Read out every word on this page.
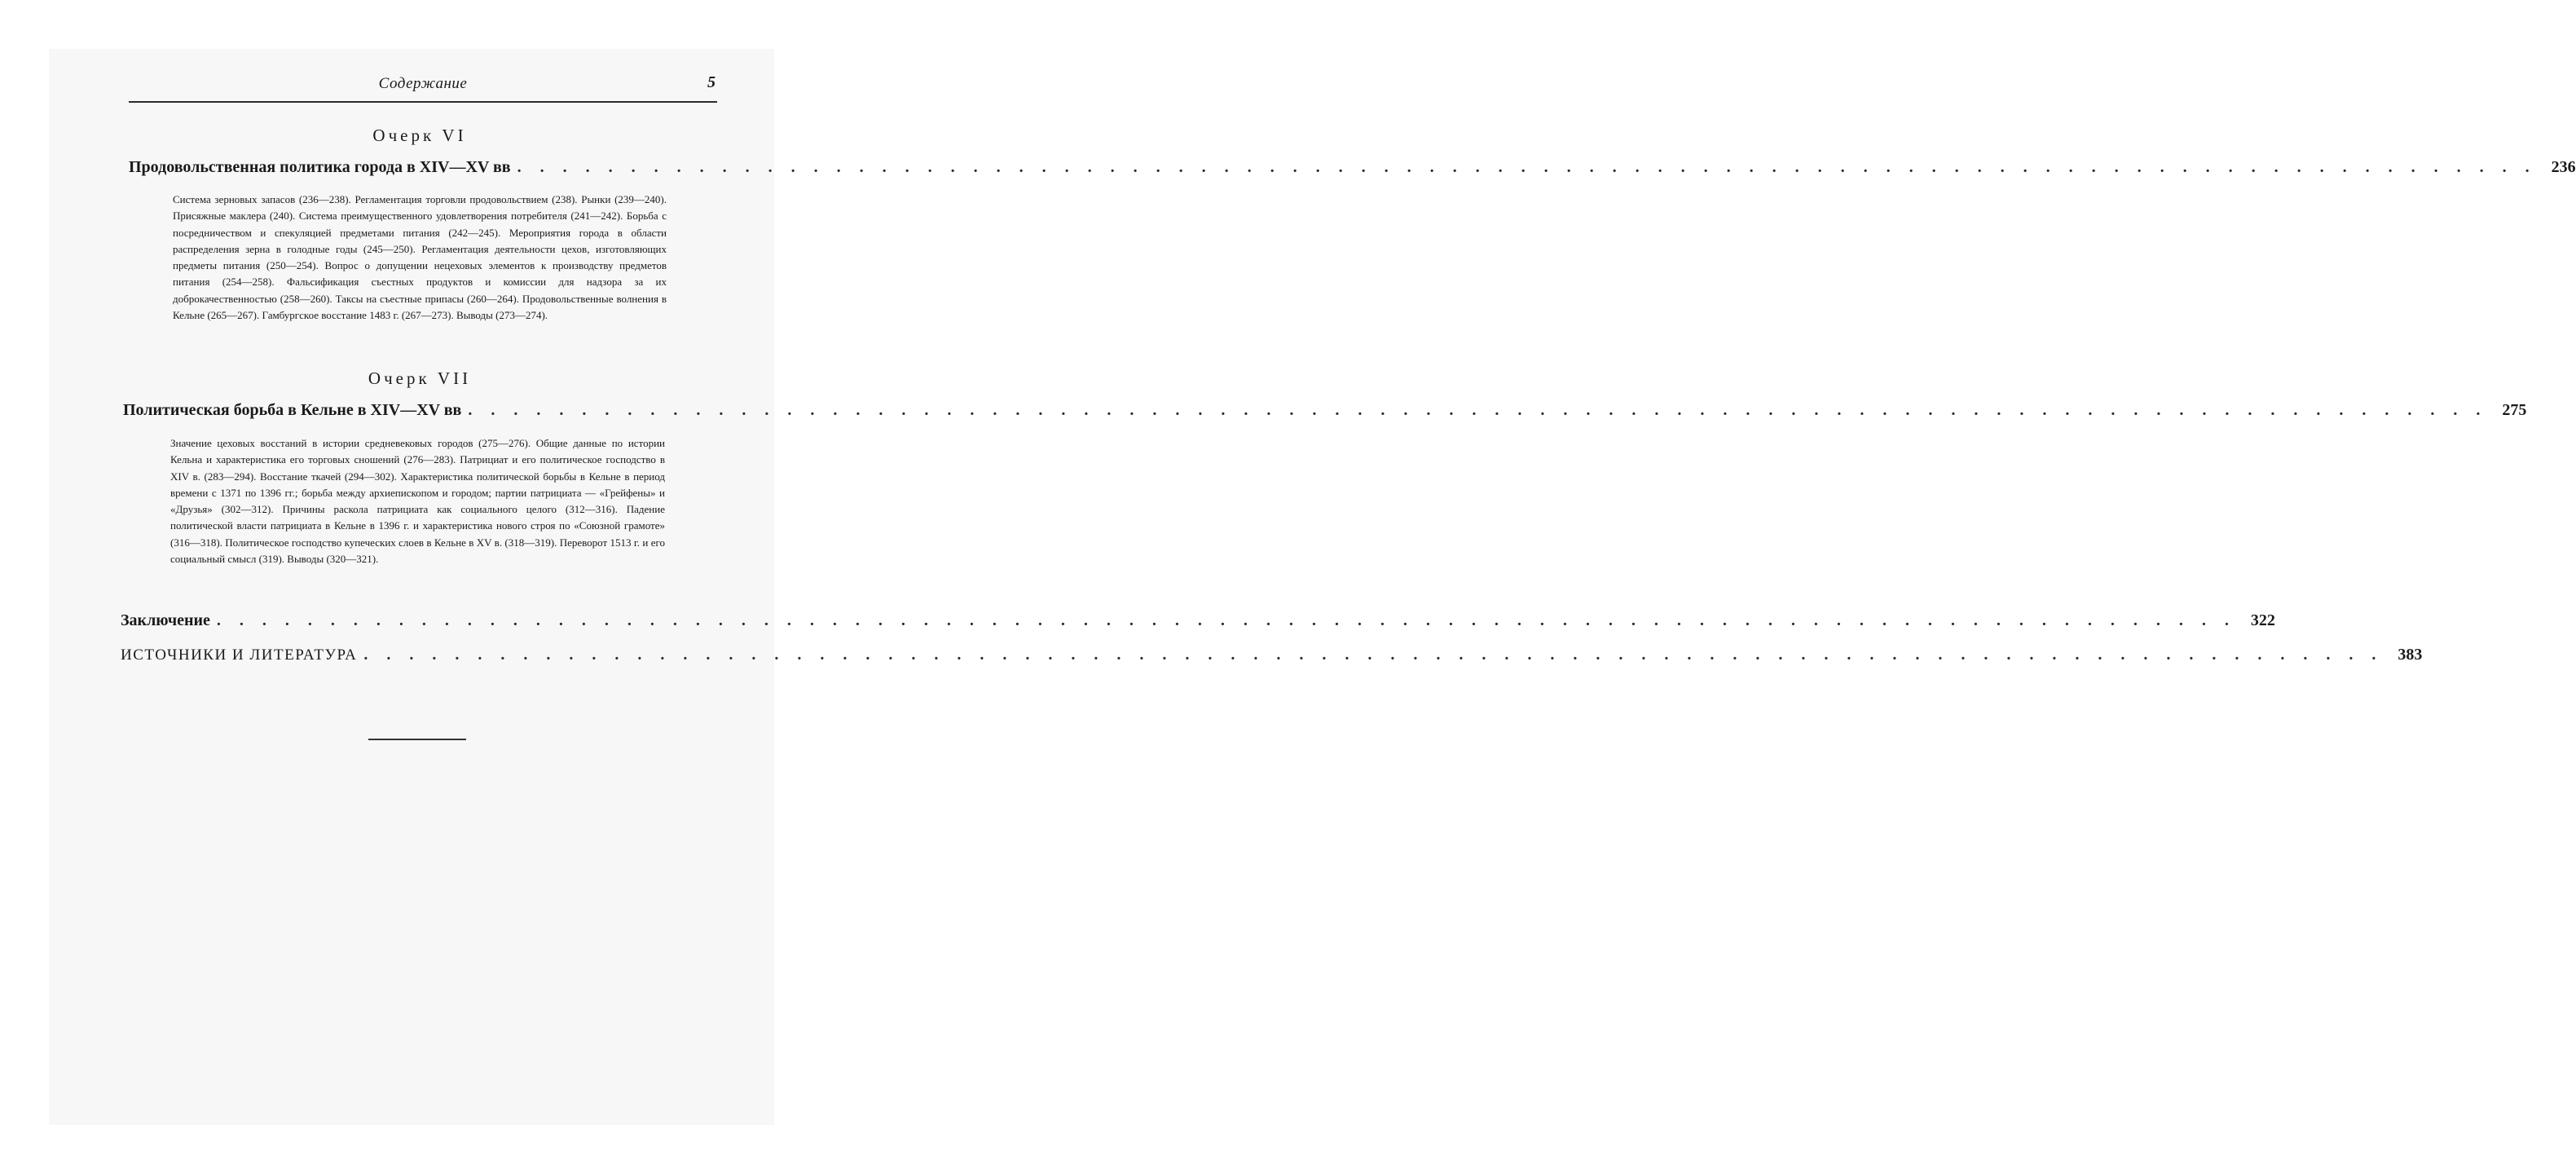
Содержание	5
Очерк VI
Продовольственная политика города в XIV—XV вв . . . . . . . . . . . . . . . . . . . . . . . . . . . . . . . . . . . . . . . . . . . . . . . . . . . . . . . . . . . . . . . . . . . . . . . . . . . . . . . . . . . . . . . . . 236

Система зерновых запасов (236—238). Регламентация торговли продовольствием (238). Рынки (239—240). Присяжные маклера (240). Система преимущественного удовлетворения потребителя (241—242). Борьба с посредничеством и спекуляцией предметами питания (242—245). Мероприятия города в области распределения зерна в голодные годы (245—250). Регламентация деятельности цехов, изготовляющих предметы питания (250—254). Вопрос о допущении нецеховых элементов к производству предметов питания (254—258). Фальсификация съестных продуктов и комиссии для надзора за их доброкачественностью (258—260). Таксы на съестные припасы (260—264). Продовольственные волнения в Кельне (265—267). Гамбургское восстание 1483 г. (267—273). Выводы (273—274).

Очерк VII
Политическая борьба в Кельне в XIV—XV вв . . . . . . . . . . . . . . . . . . . . . . . . . . . . . . . . . . . . . . . . . . . . . . . . . . . . . . . . . . . . . . . . . . . . . . . . . . . . . . . . . . . . . . . . . 275

Значение цеховых восстаний в истории средневековых городов (275—276). Общие данные по истории Кельна и характеристика его торговых сношений (276—283). Патрициат и его политическое господство в XIV в. (283—294). Восстание ткачей (294—302). Характеристика политической борьбы в Кельне в период времени с 1371 по 1396 гг.; борьба между архиепископом и городом; партии патрициата — «Грейфены» и «Друзья» (302—312). Причины раскола патрициата как социального целого (312—316). Падение политической власти патрициата в Кельне в 1396 г. и характеристика нового строя по «Союзной грамоте» (316—318). Политическое господство купеческих слоев в Кельне в XV в. (318—319). Переворот 1513 г. и его социальный смысл (319). Выводы (320—321).

Заключение . . . . . . . . . . . . . . . . . . . . . . . . . . . . . . . . . . . . . . . . . . . . . . . . . . . . . . . . . . . . . . . . . . . . . . . . . . . . . . . . . . . . . . . . . 322
ИСТОЧНИКИ И ЛИТЕРАТУРА . . . . . . . . . . . . . . . . . . . . . . . . . . . . . . . . . . . . . . . . . . . . . . . . . . . . . . . . . . . . . . . . . . . . . . . . . . . . . . . . . . . . . . . . . 383
